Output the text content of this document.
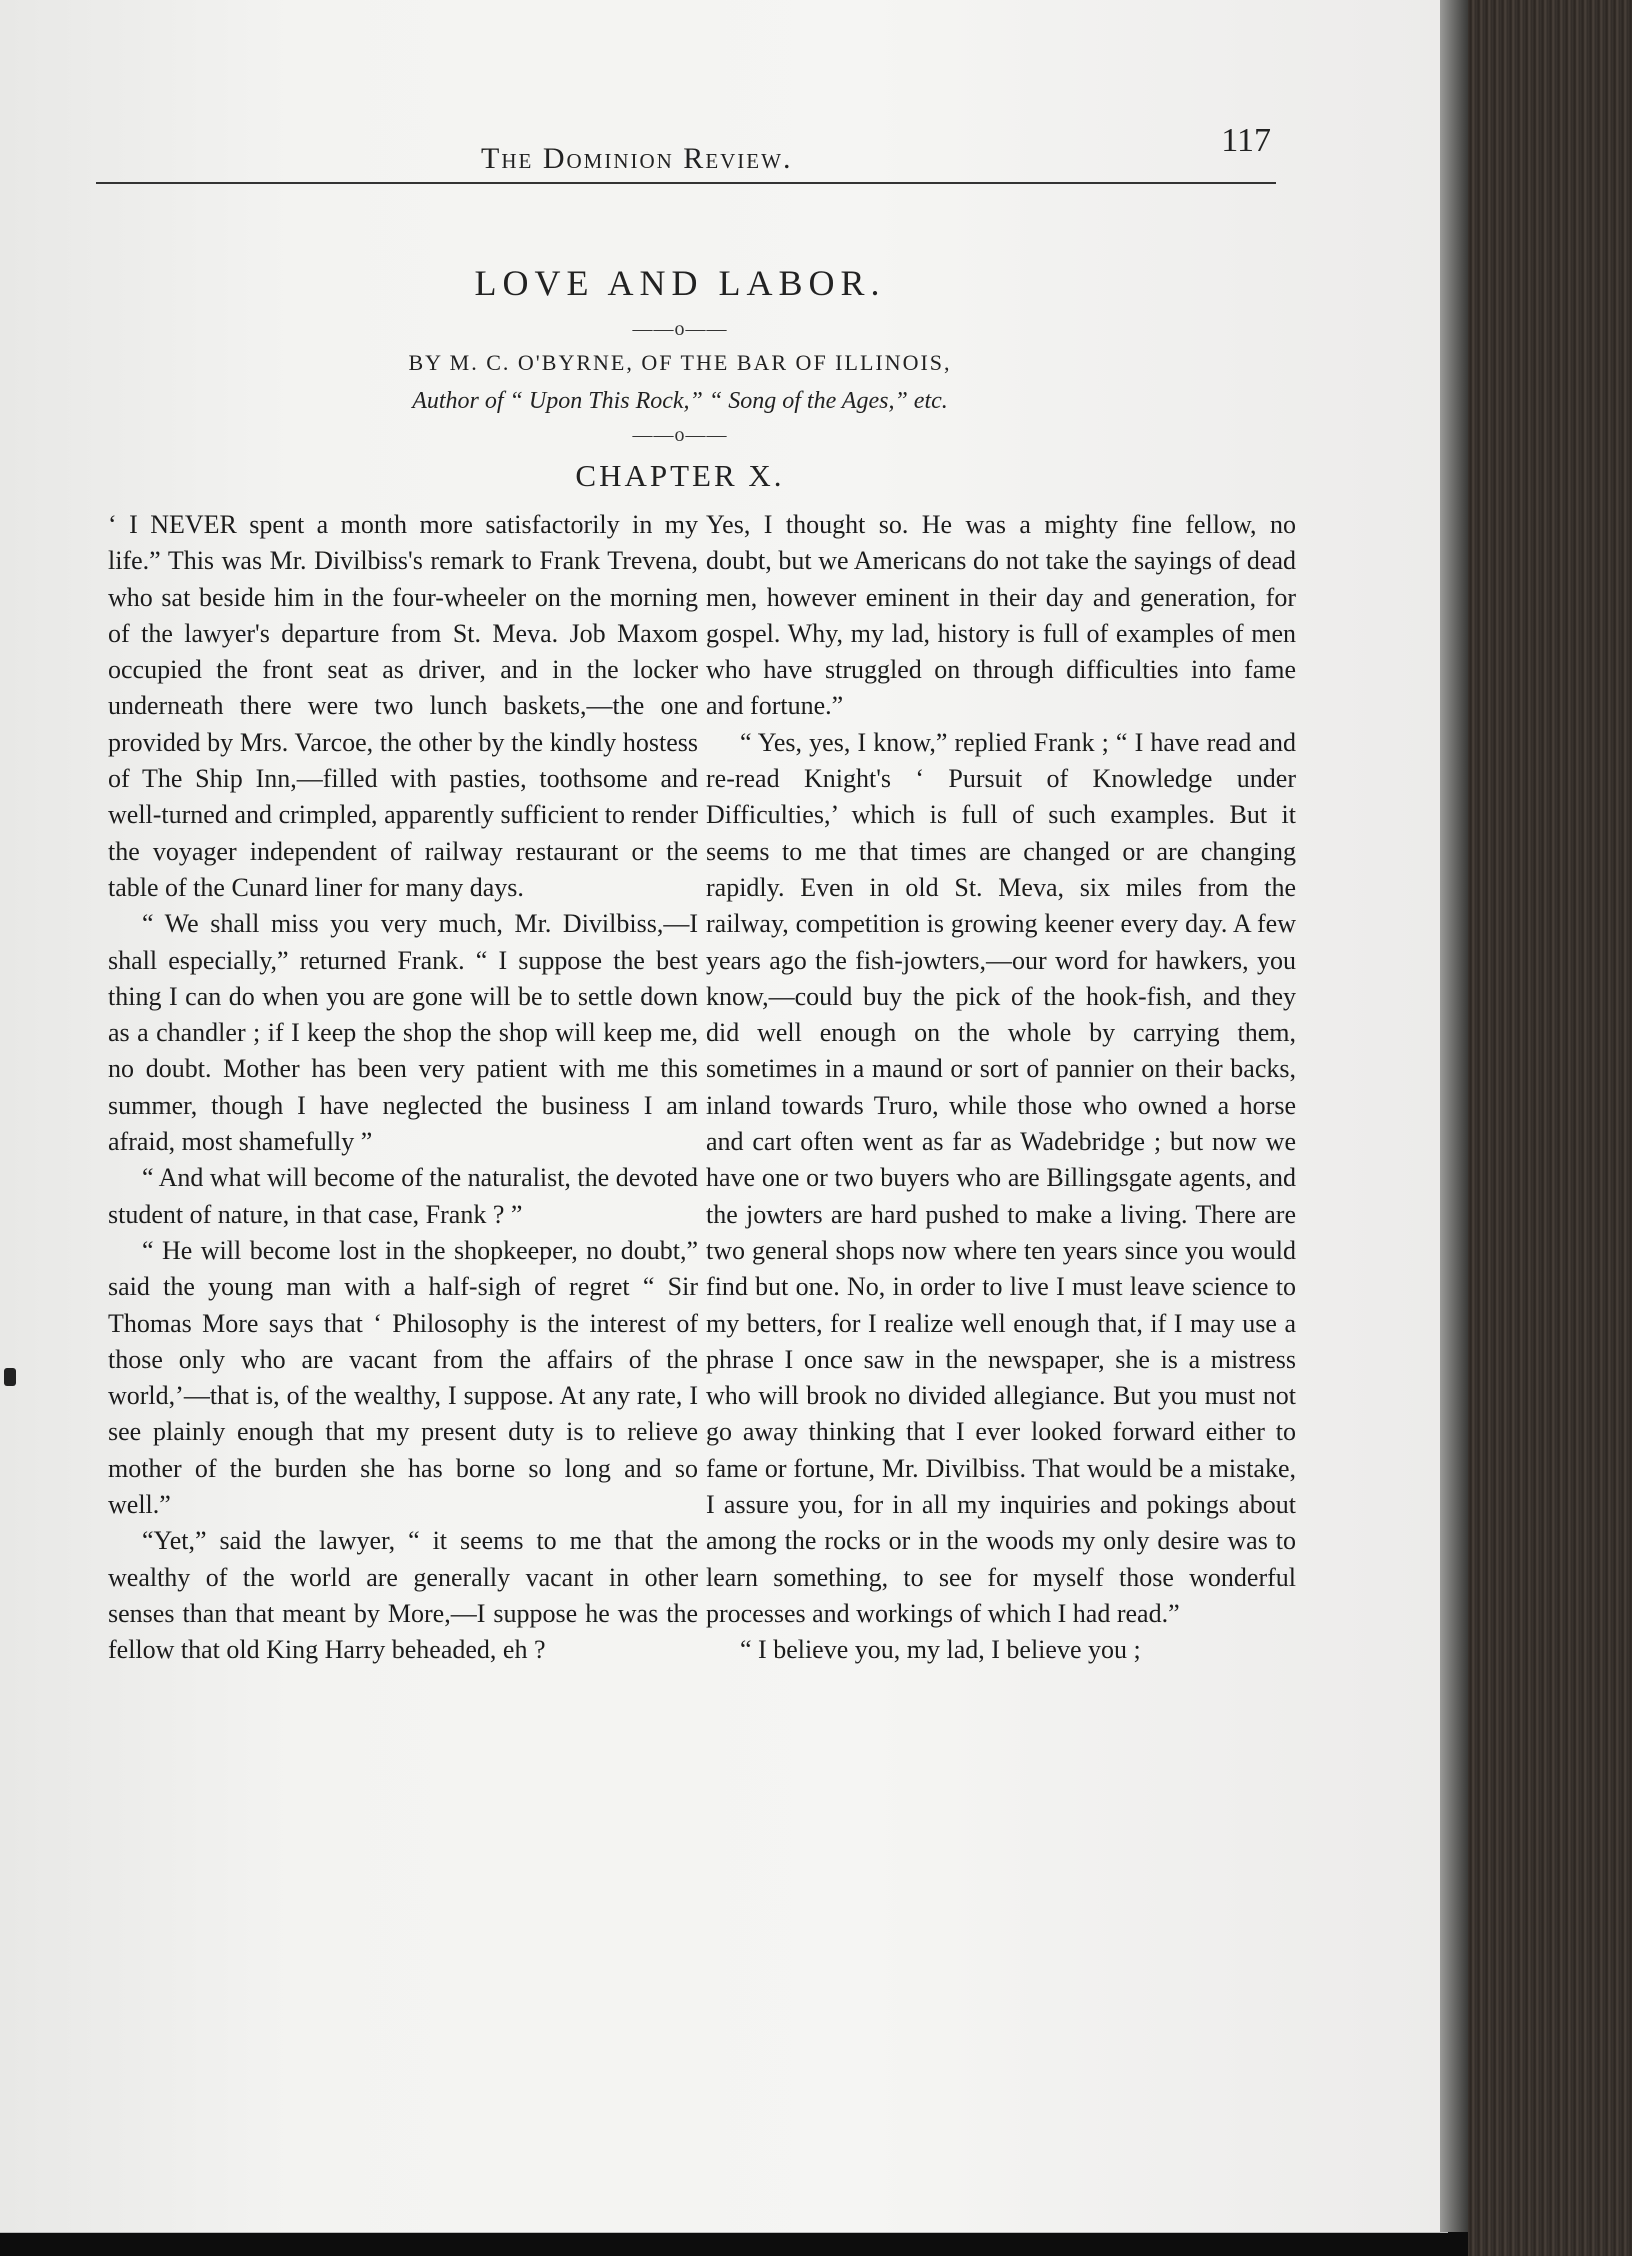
The Dominion Review.	117
LOVE AND LABOR.
——o——
BY M. C. O'BYRNE, OF THE BAR OF ILLINOIS,
Author of “ Upon This Rock,” “ Song of the Ages,” etc.
——o——
CHAPTER X.

‘ I NEVER spent a month more satisfactorily in my life.” This was Mr. Divilbiss's remark to Frank Trevena, who sat beside him in the four-wheeler on the morning of the lawyer's departure from St. Meva. Job Maxom occupied the front seat as driver, and in the locker underneath there were two lunch baskets,—the one provided by Mrs. Varcoe, the other by the kindly hostess of The Ship Inn,—filled with pasties, toothsome and well-turned and crimpled, apparently sufficient to render the voyager independent of railway restaurant or the table of the Cunard liner for many days.

“ We shall miss you very much, Mr. Divilbiss,—I shall especially,” returned Frank. “ I suppose the best thing I can do when you are gone will be to settle down as a chandler ; if I keep the shop the shop will keep me, no doubt. Mother has been very patient with me this summer, though I have neglected the business I am afraid, most shamefully ”

“ And what will become of the naturalist, the devoted student of nature, in that case, Frank ? ”

“ He will become lost in the shopkeeper, no doubt,” said the young man with a half-sigh of regret “ Sir Thomas More says that ‘ Philosophy is the interest of those only who are vacant from the affairs of the world,’—that is, of the wealthy, I suppose. At any rate, I see plainly enough that my present duty is to relieve mother of the burden she has borne so long and so well.”

“Yet,” said the lawyer, “ it seems to me that the wealthy of the world are generally vacant in other senses than that meant by More,—I suppose he was the fellow that old King Harry beheaded, eh ?

Yes, I thought so. He was a mighty fine fellow, no doubt, but we Americans do not take the sayings of dead men, however eminent in their day and generation, for gospel. Why, my lad, history is full of examples of men who have struggled on through difficulties into fame and fortune.”

“ Yes, yes, I know,” replied Frank ; “ I have read and re-read Knight's ‘ Pursuit of Knowledge under Difficulties,’ which is full of such examples. But it seems to me that times are changed or are changing rapidly. Even in old St. Meva, six miles from the railway, competition is growing keener every day. A few years ago the fish-jowters,—our word for hawkers, you know,—could buy the pick of the hook-fish, and they did well enough on the whole by carrying them, sometimes in a maund or sort of pannier on their backs, inland towards Truro, while those who owned a horse and cart often went as far as Wadebridge ; but now we have one or two buyers who are Billingsgate agents, and the jowters are hard pushed to make a living. There are two general shops now where ten years since you would find but one. No, in order to live I must leave science to my betters, for I realize well enough that, if I may use a phrase I once saw in the newspaper, she is a mistress who will brook no divided allegiance. But you must not go away thinking that I ever looked forward either to fame or fortune, Mr. Divilbiss. That would be a mistake, I assure you, for in all my inquiries and pokings about among the rocks or in the woods my only desire was to learn something, to see for myself those wonderful processes and workings of which I had read.”

“ I believe you, my lad, I believe you ;
